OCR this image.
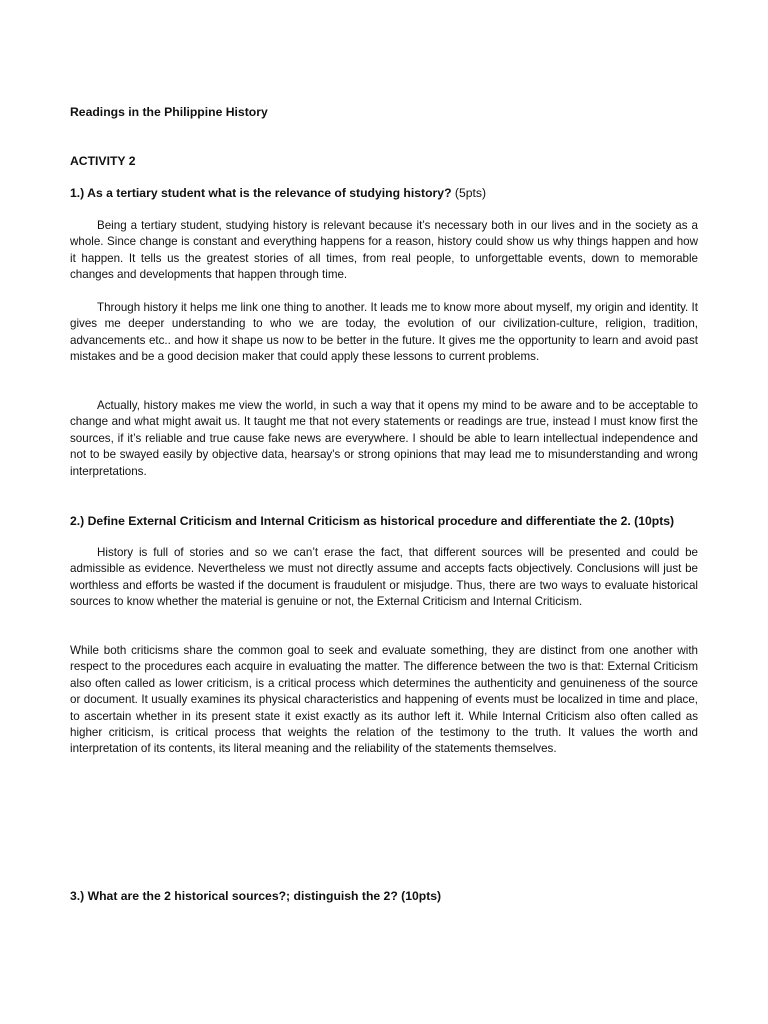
Readings in the Philippine History
ACTIVITY 2
1.) As a tertiary student what is the relevance of studying history? (5pts)

Being a tertiary student, studying history is relevant because it’s necessary both in our lives and in the society as a whole. Since change is constant and everything happens for a reason, history could show us why things happen and how it happen. It tells us the greatest stories of all times, from real people, to unforgettable events, down to memorable changes and developments that happen through time.

Through history it helps me link one thing to another. It leads me to know more about myself, my origin and identity. It gives me deeper understanding to who we are today, the evolution of our civilization-culture, religion, tradition, advancements etc.. and how it shape us now to be better in the future. It gives me the opportunity to learn and avoid past mistakes and be a good decision maker that could apply these lessons to current problems.

Actually, history makes me view the world, in such a way that it opens my mind to be aware and to be acceptable to change and what might await us. It taught me that not every statements or readings are true, instead I must know first the sources, if it’s reliable and true cause fake news are everywhere. I should be able to learn intellectual independence and not to be swayed easily by objective data, hearsay's or strong opinions that may lead me to misunderstanding and wrong interpretations.

2.) Define External Criticism and Internal Criticism as historical procedure and differentiate the 2. (10pts)

History is full of stories and so we can’t erase the fact, that different sources will be presented and could be admissible as evidence. Nevertheless we must not directly assume and accepts facts objectively. Conclusions will just be worthless and efforts be wasted if the document is fraudulent or misjudge. Thus, there are two ways to evaluate historical sources to know whether the material is genuine or not, the External Criticism and Internal Criticism.

While both criticisms share the common goal to seek and evaluate something, they are distinct from one another with respect to the procedures each acquire in evaluating the matter. The difference between the two is that: External Criticism also often called as lower criticism, is a critical process which determines the authenticity and genuineness of the source or document. It usually examines its physical characteristics and happening of events must be localized in time and place, to ascertain whether in its present state it exist exactly as its author left it. While Internal Criticism also often called as higher criticism, is critical process that weights the relation of the testimony to the truth. It values the worth and interpretation of its contents, its literal meaning and the reliability of the statements themselves.

3.) What are the 2 historical sources?; distinguish the 2? (10pts)
